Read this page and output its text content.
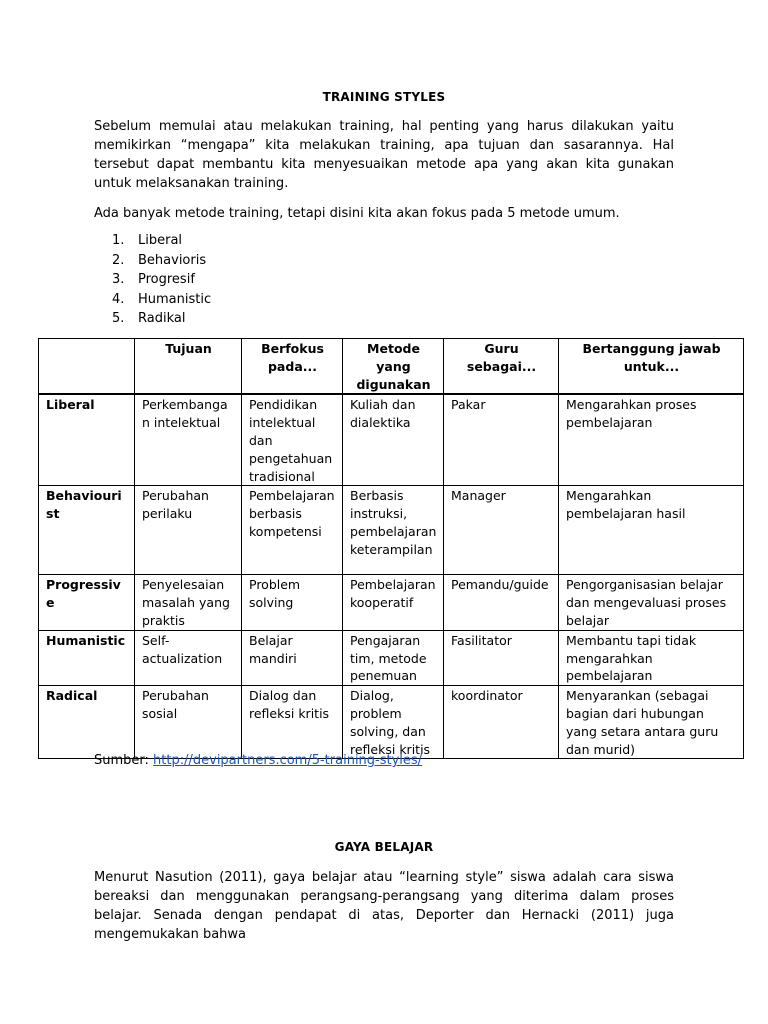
TRAINING STYLES
Sebelum memulai atau melakukan training, hal penting yang harus dilakukan yaitu memikirkan “mengapa” kita melakukan training, apa tujuan dan sasarannya. Hal tersebut dapat membantu kita menyesuaikan metode apa yang akan kita gunakan untuk melaksanakan training.
Ada banyak metode training, tetapi disini kita akan fokus pada 5 metode umum.
1. Liberal
2. Behavioris
3. Progresif
4. Humanistic
5. Radikal
	Tujuan	Berfokus pada...	Metode yang digunakan	Guru sebagai...	Bertanggung jawab untuk...
Liberal	Perkembangan intelektual	Pendidikan intelektual dan pengetahuan tradisional	Kuliah dan dialektika	Pakar	Mengarahkan proses pembelajaran
Behaviourist	Perubahan perilaku	Pembelajaran berbasis kompetensi	Berbasis instruksi, pembelajaran keterampilan	Manager	Mengarahkan pembelajaran hasil
Progressive	Penyelesaian masalah yang praktis	Problem solving	Pembelajaran kooperatif	Pemandu/guide	Pengorganisasian belajar dan mengevaluasi proses belajar
Humanistic	Self-actualization	Belajar mandiri	Pengajaran tim, metode penemuan	Fasilitator	Membantu tapi tidak mengarahkan pembelajaran
Radical	Perubahan sosial	Dialog dan refleksi kritis	Dialog, problem solving, dan refleksi kritis	koordinator	Menyarankan (sebagai bagian dari hubungan yang setara antara guru dan murid)
Sumber: http://devipartners.com/5-training-styles/
GAYA BELAJAR
Menurut Nasution (2011), gaya belajar atau “learning style” siswa adalah cara siswa bereaksi dan menggunakan perangsang-perangsang yang diterima dalam proses belajar. Senada dengan pendapat di atas, Deporter dan Hernacki (2011) juga mengemukakan bahwa
